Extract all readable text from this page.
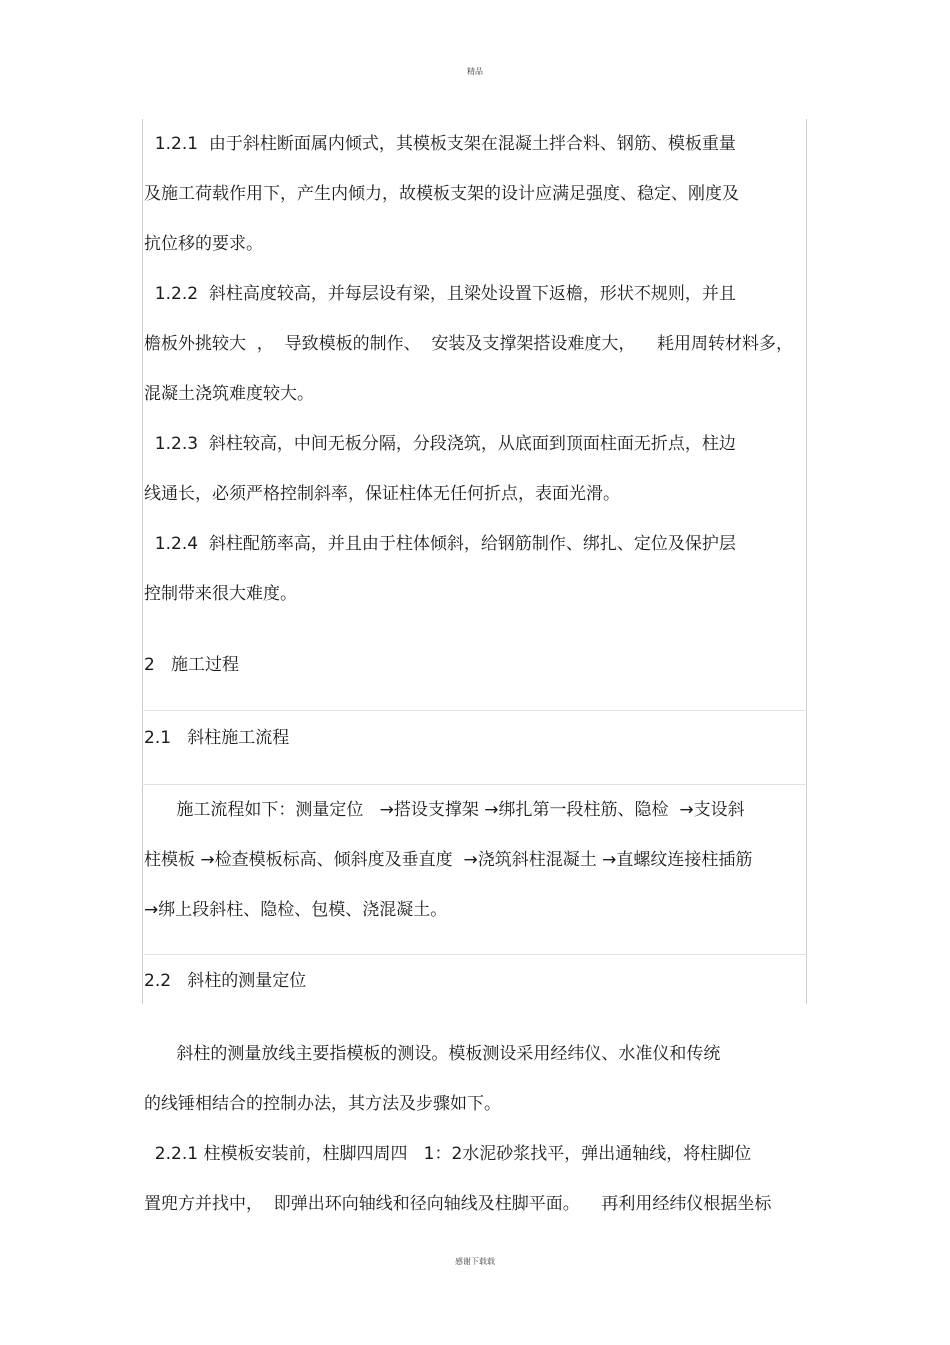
精品
1.2.1  由于斜柱断面属内倾式，其模板支架在混凝土拌合料、钢筋、模板重量
及施工荷载作用下，产生内倾力，故模板支架的设计应满足强度、稳定、刚度及
抗位移的要求。
1.2.2  斜柱高度较高，并每层设有梁，且梁处设置下返檐，形状不规则，并且
檐板外挑较大  ，  导致模板的制作、  安装及支撑架搭设难度大，    耗用周转材料多，
混凝土浇筑难度较大。
1.2.3  斜柱较高，中间无板分隔，分段浇筑，从底面到顶面柱面无折点，柱边
线通长，必须严格控制斜率，保证柱体无任何折点，表面光滑。
1.2.4  斜柱配筋率高，并且由于柱体倾斜，给钢筋制作、绑扎、定位及保护层
控制带来很大难度。
2   施工过程
2.1   斜柱施工流程
施工流程如下：测量定位   →搭设支撑架 →绑扎第一段柱筋、隐检  →支设斜
柱模板 →检查模板标高、倾斜度及垂直度  →浇筑斜柱混凝土 →直螺纹连接柱插筋
→绑上段斜柱、隐检、包模、浇混凝土。
2.2   斜柱的测量定位
斜柱的测量放线主要指模板的测设。模板测设采用经纬仪、水准仪和传统
的线锤相结合的控制办法，其方法及步骤如下。
2.2.1 柱模板安装前，柱脚四周四   1：2水泥砂浆找平，弹出通轴线，将柱脚位
置兜方并找中，  即弹出环向轴线和径向轴线及柱脚平面。    再利用经纬仪根据坐标
感谢下载载
